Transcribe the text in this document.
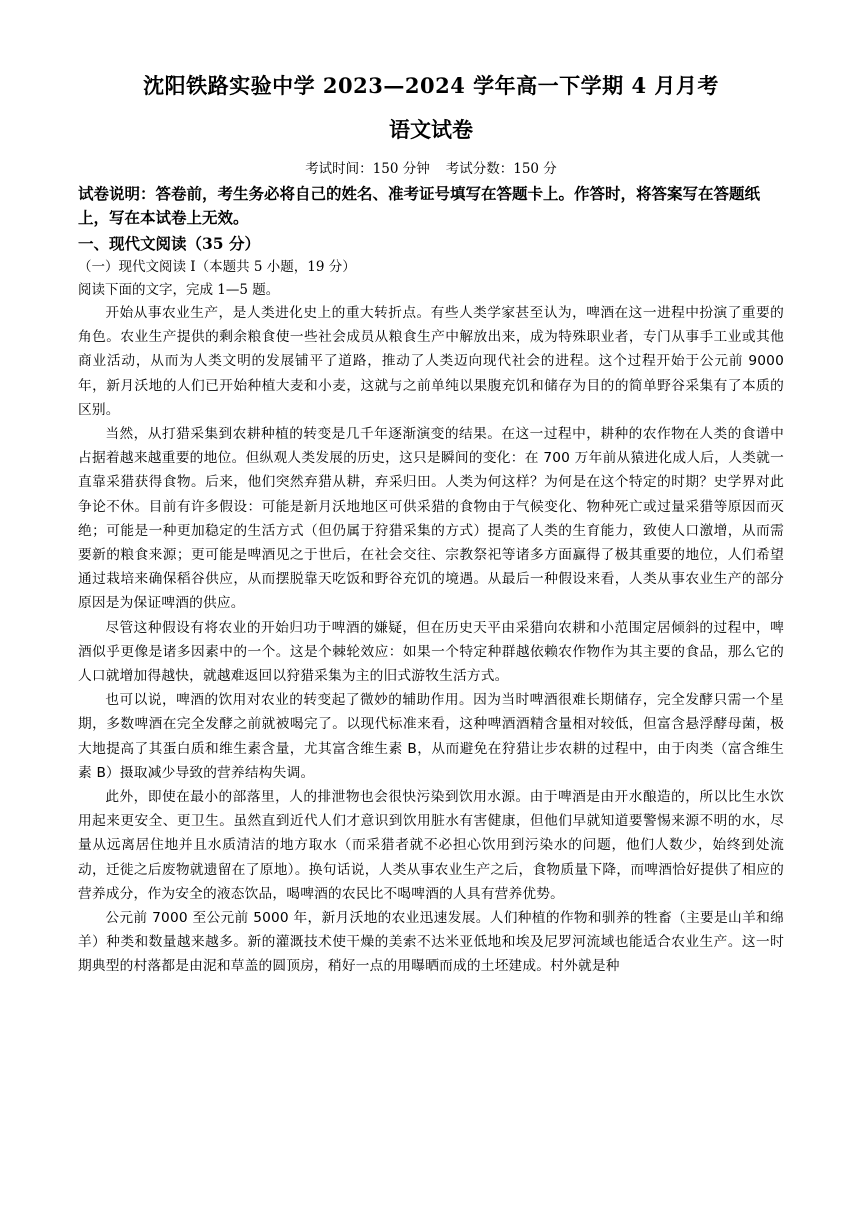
沈阳铁路实验中学 2023—2024 学年高一下学期 4 月月考
语文试卷
考试时间：150 分钟 考试分数：150 分
试卷说明：答卷前，考生务必将自己的姓名、准考证号填写在答题卡上。作答时，将答案写在答题纸上，写在本试卷上无效。
一、现代文阅读（35 分）
（一）现代文阅读 I（本题共 5 小题，19 分）
阅读下面的文字，完成 1—5 题。

开始从事农业生产，是人类进化史上的重大转折点。有些人类学家甚至认为，啤酒在这一进程中扮演了重要的角色。农业生产提供的剩余粮食使一些社会成员从粮食生产中解放出来，成为特殊职业者，专门从事手工业或其他商业活动，从而为人类文明的发展铺平了道路，推动了人类迈向现代社会的进程。这个过程开始于公元前 9000 年，新月沃地的人们已开始种植大麦和小麦，这就与之前单纯以果腹充饥和储存为目的的简单野谷采集有了本质的区别。

当然，从打猎采集到农耕种植的转变是几千年逐渐演变的结果。在这一过程中，耕种的农作物在人类的食谱中占据着越来越重要的地位。但纵观人类发展的历史，这只是瞬间的变化：在 700 万年前从猿进化成人后，人类就一直靠采猎获得食物。后来，他们突然弃猎从耕，弃采归田。人类为何这样？为何是在这个特定的时期？史学界对此争论不休。目前有许多假设：可能是新月沃地地区可供采猎的食物由于气候变化、物种死亡或过量采猎等原因而灭绝；可能是一种更加稳定的生活方式（但仍属于狩猎采集的方式）提高了人类的生育能力，致使人口激增，从而需要新的粮食来源；更可能是啤酒见之于世后，在社会交往、宗教祭祀等诸多方面赢得了极其重要的地位，人们希望通过栽培来确保稻谷供应，从而摆脱靠天吃饭和野谷充饥的境遇。从最后一种假设来看，人类从事农业生产的部分原因是为保证啤酒的供应。

尽管这种假设有将农业的开始归功于啤酒的嫌疑，但在历史天平由采猎向农耕和小范围定居倾斜的过程中，啤酒似乎更像是诸多因素中的一个。这是个棘轮效应：如果一个特定种群越依赖农作物作为其主要的食品，那么它的人口就增加得越快，就越难返回以狩猎采集为主的旧式游牧生活方式。

也可以说，啤酒的饮用对农业的转变起了微妙的辅助作用。因为当时啤酒很难长期储存，完全发酵只需一个星期，多数啤酒在完全发酵之前就被喝完了。以现代标准来看，这种啤酒酒精含量相对较低，但富含悬浮酵母菌，极大地提高了其蛋白质和维生素含量，尤其富含维生素 B，从而避免在狩猎让步农耕的过程中，由于肉类（富含维生素 B）摄取减少导致的营养结构失调。

此外，即使在最小的部落里，人的排泄物也会很快污染到饮用水源。由于啤酒是由开水酿造的，所以比生水饮用起来更安全、更卫生。虽然直到近代人们才意识到饮用脏水有害健康，但他们早就知道要警惕来源不明的水，尽量从远离居住地并且水质清洁的地方取水（而采猎者就不必担心饮用到污染水的问题，他们人数少，始终到处流动，迁徙之后废物就遗留在了原地）。换句话说，人类从事农业生产之后，食物质量下降，而啤酒恰好提供了相应的营养成分，作为安全的液态饮品，喝啤酒的农民比不喝啤酒的人具有营养优势。

公元前 7000 至公元前 5000 年，新月沃地的农业迅速发展。人们种植的作物和驯养的牲畜（主要是山羊和绵羊）种类和数量越来越多。新的灌溉技术使干燥的美索不达米亚低地和埃及尼罗河流域也能适合农业生产。这一时期典型的村落都是由泥和草盖的圆顶房，稍好一点的用曝晒而成的土坯建成。村外就是种
